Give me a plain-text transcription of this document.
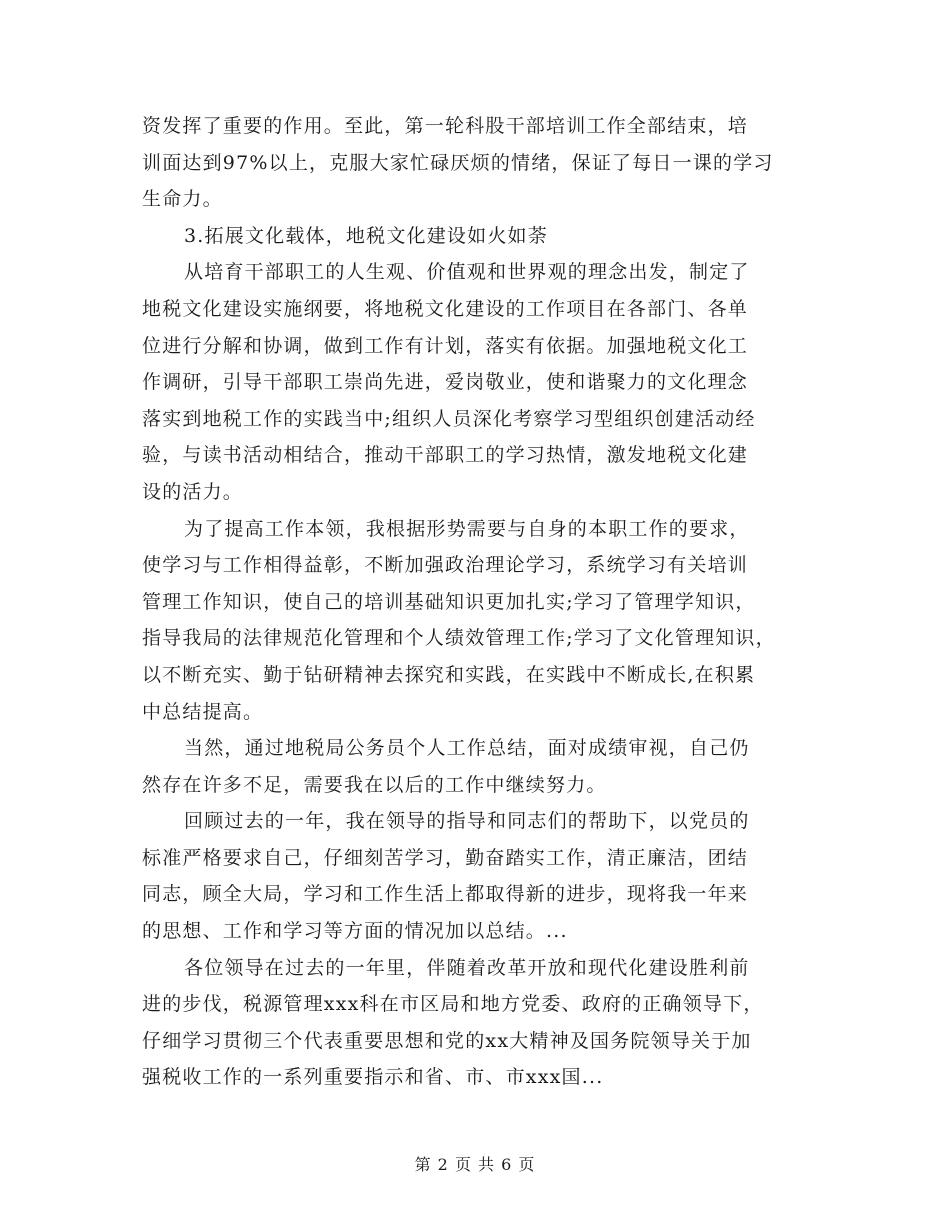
资发挥了重要的作用。至此，第一轮科股干部培训工作全部结束，培
训面达到97%以上，克服大家忙碌厌烦的情绪，保证了每日一课的学习
生命力。
3.拓展文化载体，地税文化建设如火如荼
从培育干部职工的人生观、价值观和世界观的理念出发，制定了
地税文化建设实施纲要，将地税文化建设的工作项目在各部门、各单
位进行分解和协调，做到工作有计划，落实有依据。加强地税文化工
作调研，引导干部职工崇尚先进，爱岗敬业，使和谐聚力的文化理念
落实到地税工作的实践当中;组织人员深化考察学习型组织创建活动经
验，与读书活动相结合，推动干部职工的学习热情，激发地税文化建
设的活力。
为了提高工作本领，我根据形势需要与自身的本职工作的要求，
使学习与工作相得益彰，不断加强政治理论学习，系统学习有关培训
管理工作知识，使自己的培训基础知识更加扎实;学习了管理学知识，
指导我局的法律规范化管理和个人绩效管理工作;学习了文化管理知识，
以不断充实、勤于钻研精神去探究和实践，在实践中不断成长,在积累
中总结提高。
当然，通过地税局公务员个人工作总结，面对成绩审视，自己仍
然存在许多不足，需要我在以后的工作中继续努力。
回顾过去的一年，我在领导的指导和同志们的帮助下，以党员的
标准严格要求自己，仔细刻苦学习，勤奋踏实工作，清正廉洁，团结
同志，顾全大局，学习和工作生活上都取得新的进步，现将我一年来
的思想、工作和学习等方面的情况加以总结。...
各位领导在过去的一年里，伴随着改革开放和现代化建设胜利前
进的步伐，税源管理xxx科在市区局和地方党委、政府的正确领导下，
仔细学习贯彻三个代表重要思想和党的xx大精神及国务院领导关于加
强税收工作的一系列重要指示和省、市、市xxx国...
第 2 页 共 6 页
